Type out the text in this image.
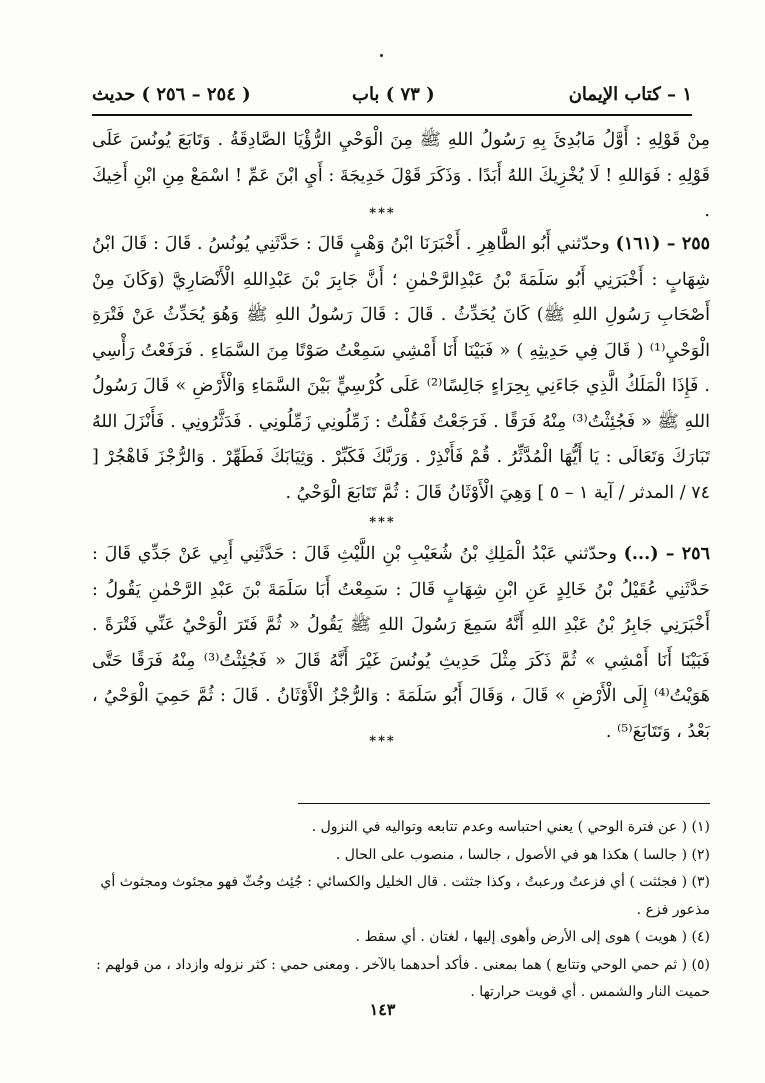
١ – كتاب الإيمان
( ٧٣ ) باب
( ٢٥٤ – ٢٥٦ ) حديث
مِنْ قَوْلِهِ : أَوَّلُ مَابُدِئَ بِهِ رَسُولُ اللهِ ﷺ مِنَ الْوَحْيِ الرُّؤْيَا الصَّادِقَةُ . وَتَابَعَ يُونُسَ عَلَى قَوْلِهِ : فَوَاللهِ ! لَا يُخْزِيكَ اللهُ أَبَدًا . وَذَكَرَ قَوْلَ خَدِيجَةَ : أَيِ ابْنَ عَمِّ ! اسْمَعْ مِنِ ابْنِ أَخِيكَ .
***
٢٥٥ – (١٦١) وحدّثني أَبُو الطَّاهِرِ . أَخْبَرَنَا ابْنُ وَهْبٍ قَالَ : حَدَّثَنِي يُونُسُ . قَالَ : قَالَ ابْنُ شِهَابٍ : أَخْبَرَنِي أَبُو سَلَمَةَ بْنُ عَبْدِالرَّحْمٰنِ ؛ أَنَّ جَابِرَ بْنَ عَبْدِاللهِ الْأَنْصَارِيَّ (وَكَانَ مِنْ أَصْحَابِ رَسُولِ اللهِ ﷺ) كَانَ يُحَدِّثُ . قَالَ : قَالَ رَسُولُ اللهِ ﷺ وَهُوَ يُحَدِّثُ عَنْ فَتْرَةِ الْوَحْيِ⁽¹⁾ ( قَالَ فِي حَدِيثِهِ ) « فَبَيْنَا أَنَا أَمْشِي سَمِعْتُ صَوْتًا مِنَ السَّمَاءِ . فَرَفَعْتُ رَأْسِي . فَإِذَا الْمَلَكُ الَّذِي جَاءَنِي بِحِرَاءٍ جَالِسًا⁽²⁾ عَلَى كُرْسِيٍّ بَيْنَ السَّمَاءِ وَالْأَرْضِ » قَالَ رَسُولُ اللهِ ﷺ « فَجُئِثْتُ⁽³⁾ مِنْهُ فَرَقًا . فَرَجَعْتُ فَقُلْتُ : زَمِّلُونِي زَمِّلُونِي . فَدَثَّرُونِي . فَأَنْزَلَ اللهُ تَبَارَكَ وَتَعَالَى : يَا أَيُّهَا الْمُدَّثِّرُ . قُمْ فَأَنْذِرْ . وَرَبَّكَ فَكَبِّرْ . وَثِيَابَكَ فَطَهِّرْ . وَالرُّجْزَ فَاهْجُرْ [ ٧٤ / المدثر / آية ١ – ٥ ] وَهِيَ الْأَوْثَانُ قَالَ : ثُمَّ تَتَابَعَ الْوَحْيُ .
***
٢٥٦ – (...) وحدّثني عَبْدُ الْمَلِكِ بْنُ شُعَيْبِ بْنِ اللَّيْثِ قَالَ : حَدَّثَنِي أَبِي عَنْ جَدِّي قَالَ : حَدَّثَنِي عُقَيْلُ بْنُ خَالِدٍ عَنِ ابْنِ شِهَابٍ قَالَ : سَمِعْتُ أَبَا سَلَمَةَ بْنَ عَبْدِ الرَّحْمٰنِ يَقُولُ : أَخْبَرَنِي جَابِرُ بْنُ عَبْدِ اللهِ أَنَّهُ سَمِعَ رَسُولَ اللهِ ﷺ يَقُولُ « ثُمَّ فَتَرَ الْوَحْيُ عَنِّي فَتْرَةً . فَبَيْنَا أَنَا أَمْشِي » ثُمَّ ذَكَرَ مِثْلَ حَدِيثِ يُونُسَ غَيْرَ أَنَّهُ قَالَ « فَجُئِثْتُ⁽³⁾ مِنْهُ فَرَقًا حَتَّى هَوَيْتُ⁽⁴⁾ إِلَى الْأَرْضِ » قَالَ ، وَقَالَ أَبُو سَلَمَةَ : وَالرُّجْزُ الْأَوْثَانُ . قَالَ : ثُمَّ حَمِيَ الْوَحْيُ ، بَعْدُ ، وَتَتَابَعَ⁽⁵⁾ .
***
(١) ( عن فترة الوحي ) يعني احتباسه وعدم تتابعه وتواليه في النزول .
(٢) ( جالسا ) هكذا هو في الأصول ، جالسا ، منصوب على الحال .
(٣) ( فجئثت ) أي فزعتُ ورعبتُ ، وكذا جثثت . قال الخليل والكسائي : جُئِث وجُثّ فهو مجئوث ومجثوث أي مذعور فزع .
(٤) ( هويت ) هوى إلى الأرض وأهوى إليها ، لغتان . أي سقط .
(٥) ( ثم حمي الوحي وتتابع ) هما بمعنى . فأكد أحدهما بالآخر . ومعنى حمي : كثر نزوله وازداد ، من قولهم : حميت النار والشمس . أي قويت حرارتها .
١٤٣
